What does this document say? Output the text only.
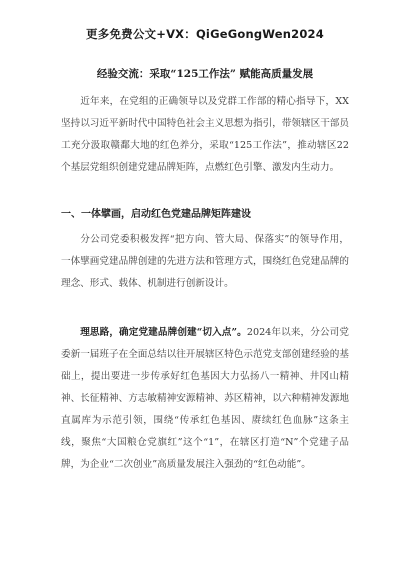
更多免费公文+VX：QiGeGongWen2024
经验交流：采取“125工作法” 赋能高质量发展
近年来，在党组的正确领导以及党群工作部的精心指导下，XX坚持以习近平新时代中国特色社会主义思想为指引，带领辖区干部员工充分汲取赣鄱大地的红色养分，采取“125工作法”，推动辖区22个基层党组织创建党建品牌矩阵，点燃红色引擎、激发内生动力。
一、一体擘画，启动红色党建品牌矩阵建设
分公司党委积极发挥“把方向、管大局、保落实”的领导作用，一体擘画党建品牌创建的先进方法和管理方式，围绕红色党建品牌的理念、形式、载体、机制进行创新设计。
理思路，确定党建品牌创建“切入点”。2024年以来，分公司党委新一届班子在全面总结以往开展辖区特色示范党支部创建经验的基础上，提出要进一步传承好红色基因大力弘扬八一精神、井冈山精神、长征精神、方志敏精神安源精神、苏区精神，以六种精神发源地直属库为示范引领，围绕“传承红色基因、赓续红色血脉”这条主线，聚焦“大国粮仓党旗红”这个“1”，在辖区打造“N”个党建子品牌，为企业“二次创业”高质量发展注入强劲的“红色动能”。
